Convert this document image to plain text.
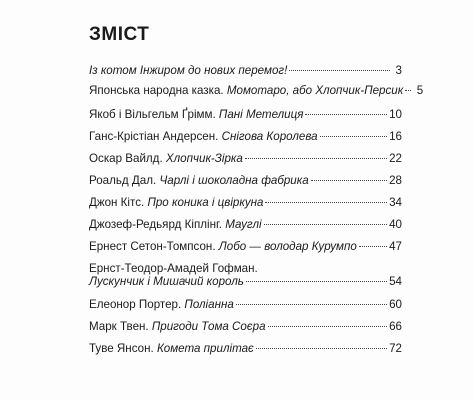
ЗМІСТ
Із котом Інжиром до нових перемог!	3
Японська народна казка. Момотаро, або Хлопчик-Персик	5
Якоб і Вільгельм Ґрімм. Пані Метелиця	10
Ганс-Крістіан Андерсен. Снігова Королева	16
Оскар Вайлд. Хлопчик-Зірка	22
Роальд Дал. Чарлі і шоколадна фабрика	28
Джон Кітс. Про коника і цвіркуна	34
Джозеф-Редьярд Кіплінг. Мауглі	40
Ернест Сетон-Томпсон. Лобо — володар Курумпо	47
Ернст-Теодор-Амадей Гофман.
Лускунчик і Мишачий король	54
Елеонор Портер. Поліанна	60
Марк Твен. Пригоди Тома Соєра	66
Туве Янсон. Комета прилітає	72
